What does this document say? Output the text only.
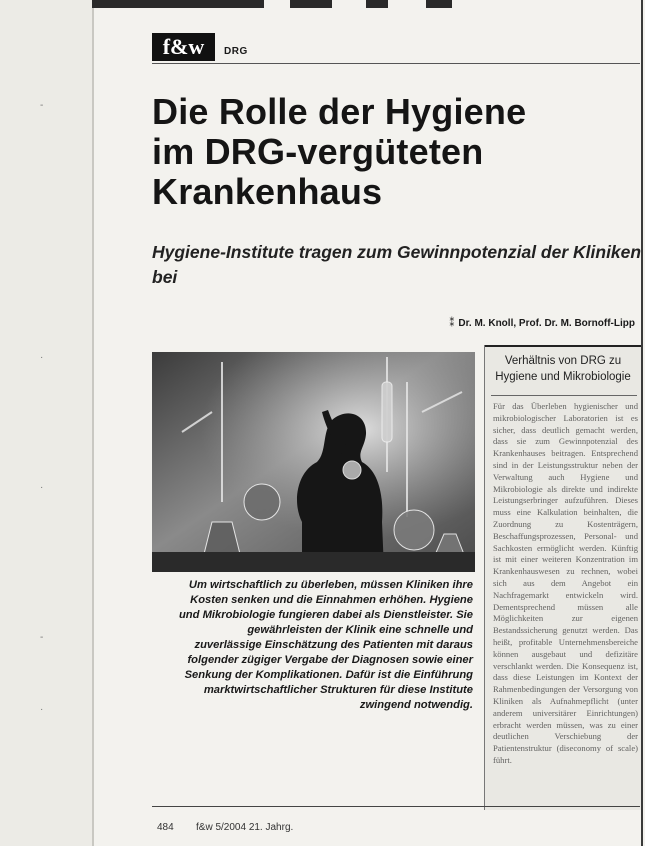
-
·
·
-
·
f&w	DRG
Die Rolle der Hygiene
im DRG-vergüteten
Krankenhaus

Hygiene-Institute tragen zum Gewinnpotenzial der Kliniken bei

⁑ Dr. M. Knoll, Prof. Dr. M. Bornoff-Lipp

Um wirtschaftlich zu überleben, müssen Kliniken ihre Kosten senken und die Einnahmen erhöhen. Hygiene und Mikrobiologie fungieren dabei als Dienstleister. Sie gewährleisten der Klinik eine schnelle und zuverlässige Einschätzung des Patienten mit daraus folgender zügiger Vergabe der Diagnosen sowie einer Senkung der Komplikationen. Dafür ist die Einführung marktwirtschaftlicher Strukturen für diese Institute zwingend notwendig.

Verhältnis von DRG zu
Hygiene und Mikrobiologie

Für das Überleben hygienischer und mikrobiologischer Laboratorien ist es sicher, dass deutlich gemacht werden, dass sie zum Gewinnpotenzial des Krankenhauses beitragen. Entsprechend sind in der Leistungsstruktur neben der Verwaltung auch Hygiene und Mikrobiologie als direkte und indirekte Leistungserbringer aufzuführen. Dieses muss eine Kalkulation beinhalten, die Zuordnung zu Kostenträgern, Beschaffungsprozessen, Personal- und Sachkosten ermöglicht werden. Künftig ist mit einer weiteren Konzentration im Krankenhauswesen zu rechnen, wobei sich aus dem Angebot ein Nachfragemarkt entwickeln wird. Dementsprechend müssen alle Möglichkeiten zur eigenen Bestandssicherung genutzt werden. Das heißt, profitable Unternehmensbereiche können ausgebaut und defizitäre verschlankt werden. Die Konsequenz ist, dass diese Leistungen im Kontext der Rahmenbedingungen der Versorgung von Kliniken als Aufnahmepflicht (unter anderem universitärer Einrichtungen) erbracht werden müssen, was zu einer deutlichen Verschiebung der Patientenstruktur (diseconomy of scale) führt.

484 f&w 5/2004 21. Jahrg.
